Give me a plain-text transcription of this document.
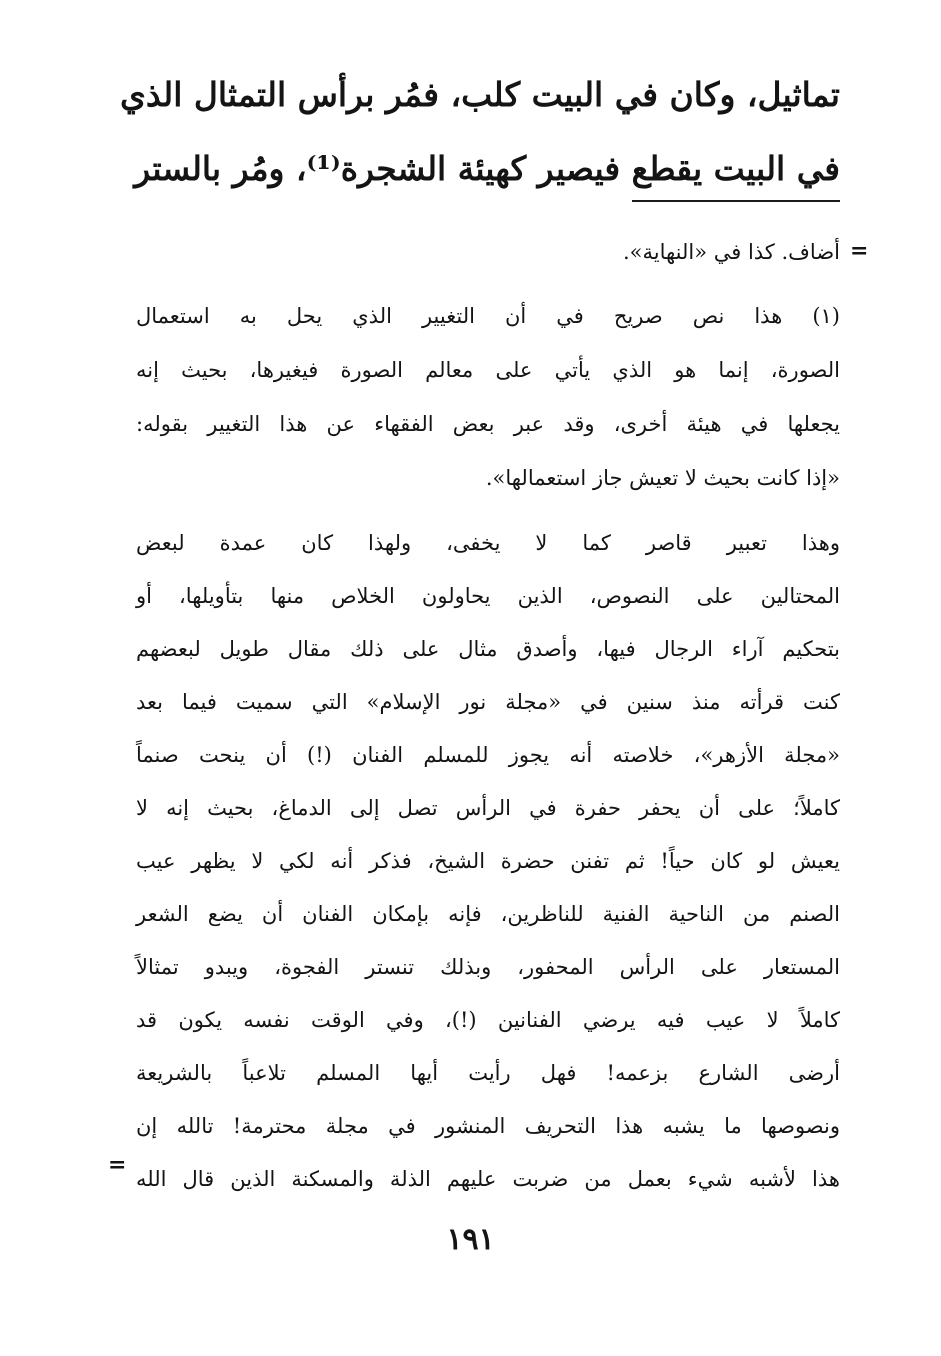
تماثيل، وكان في البيت كلب، فمُر برأس التمثال الذي
في البيت يقطع فيصير كهيئة الشجرة⁽¹⁾، ومُر بالستر
=
أضاف. كذا في «النهاية».
(١) هذا نص صريح في أن التغيير الذي يحل به استعمال
الصورة، إنما هو الذي يأتي على معالم الصورة فيغيرها، بحيث إنه
يجعلها في هيئة أخرى، وقد عبر بعض الفقهاء عن هذا التغيير بقوله:
«إذا كانت بحيث لا تعيش جاز استعمالها».
وهذا تعبير قاصر كما لا يخفى، ولهذا كان عمدة لبعض
المحتالين على النصوص، الذين يحاولون الخلاص منها بتأويلها، أو
بتحكيم آراء الرجال فيها، وأصدق مثال على ذلك مقال طويل لبعضهم
كنت قرأته منذ سنين في «مجلة نور الإسلام» التي سميت فيما بعد
«مجلة الأزهر»، خلاصته أنه يجوز للمسلم الفنان (!) أن ينحت صنماً
كاملاً؛ على أن يحفر حفرة في الرأس تصل إلى الدماغ، بحيث إنه لا
يعيش لو كان حياً! ثم تفنن حضرة الشيخ، فذكر أنه لكي لا يظهر عيب
الصنم من الناحية الفنية للناظرين، فإنه بإمكان الفنان أن يضع الشعر
المستعار على الرأس المحفور، وبذلك تنستر الفجوة، ويبدو تمثالاً
كاملاً لا عيب فيه يرضي الفنانين (!)، وفي الوقت نفسه يكون قد
أرضى الشارع بزعمه! فهل رأيت أيها المسلم تلاعباً بالشريعة
ونصوصها ما يشبه هذا التحريف المنشور في مجلة محترمة! تالله إن
هذا لأشبه شيء بعمل من ضربت عليهم الذلة والمسكنة الذين قال الله
=
١٩١
